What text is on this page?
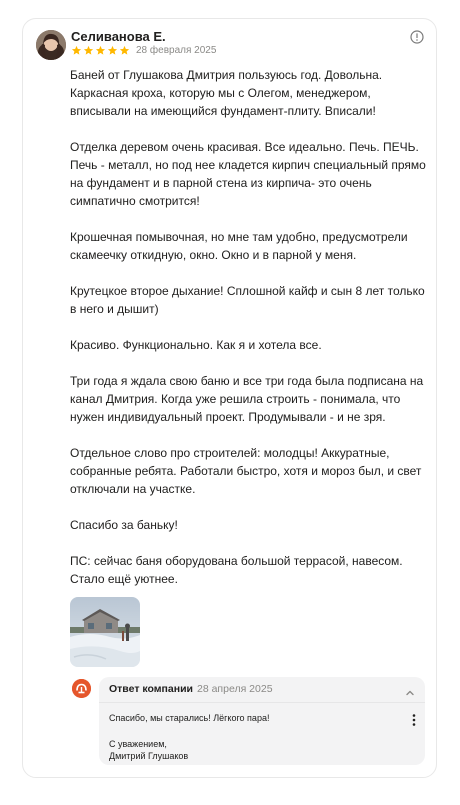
Селиванова Е.
28 февраля 2025

Баней от Глушакова Дмитрия пользуюсь год. Довольна. Каркасная кроха, которую мы с Олегом, менеджером, вписывали на имеющийся фундамент-плиту. Вписали!

Отделка деревом очень красивая. Все идеально. Печь. ПЕЧЬ. Печь - металл, но под нее кладется кирпич специальный прямо на фундамент и в парной стена из кирпича- это очень симпатично смотрится!

Крошечная помывочная, но мне там удобно, предусмотрели скамеечку откидную, окно. Окно и в парной у меня.

Крутецкое второе дыхание! Сплошной кайф и сын 8 лет только в него и дышит)

Красиво. Функционально. Как я и хотела все.

Три года я ждала свою баню и все три года была подписана на канал Дмитрия. Когда уже решила строить - понимала, что нужен индивидуальный проект. Продумывали - и не зря.

Отдельное слово про строителей: молодцы! Аккуратные, собранные ребята. Работали быстро, хотя и мороз был, и свет отключали на участке.

Спасибо за баньку!

ПС: сейчас баня оборудована большой террасой, навесом. Стало ещё уютнее.

Ответ компании 28 апреля 2025
Спасибо, мы старались! Лёгкого пара!
С уважением,
Дмитрий Глушаков
